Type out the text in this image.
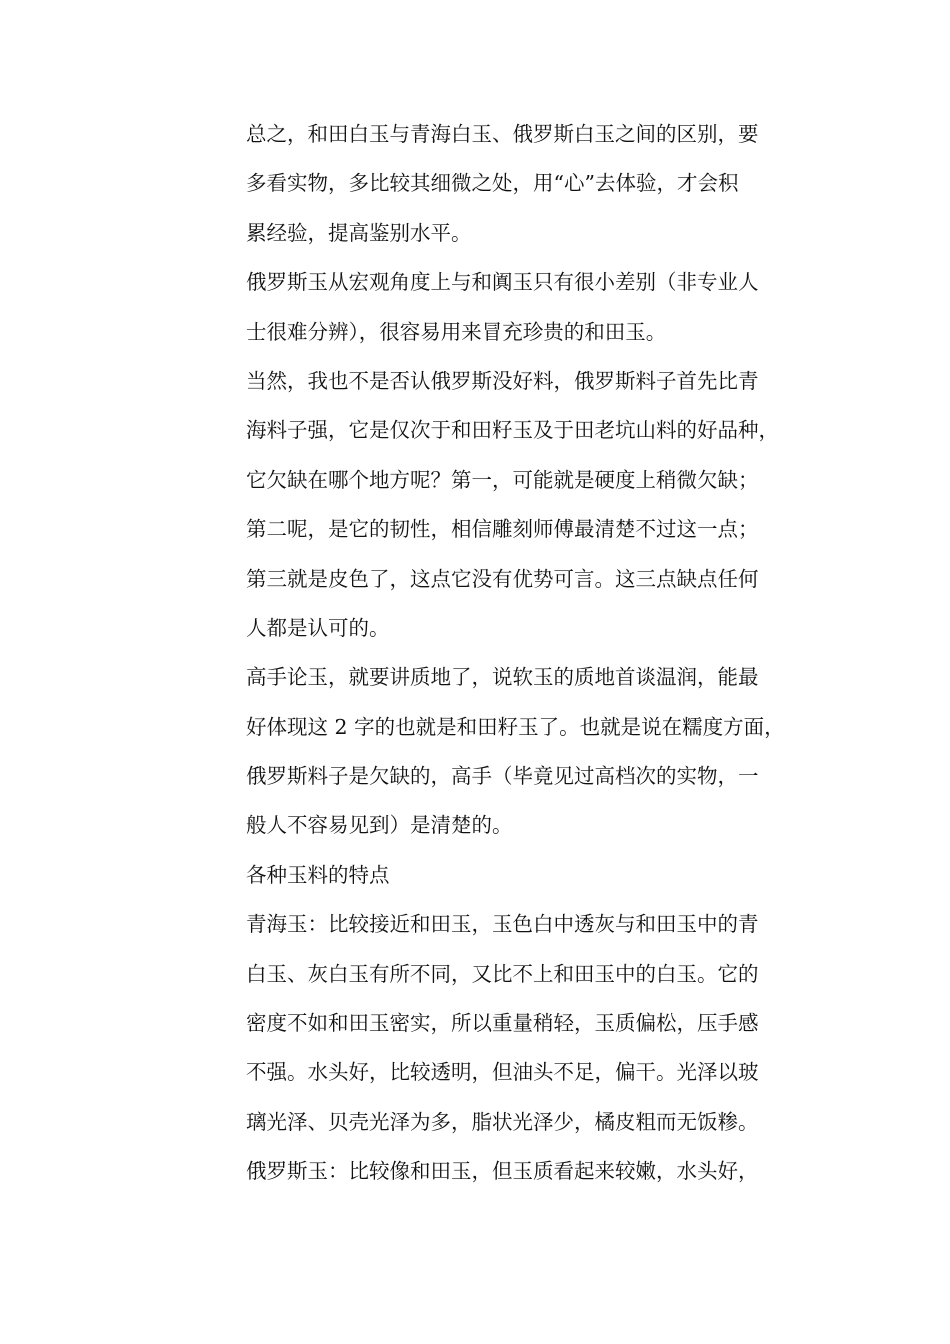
总之，和田白玉与青海白玉、俄罗斯白玉之间的区别，要
多看实物，多比较其细微之处，用“心”去体验，才会积
累经验，提高鉴别水平。

俄罗斯玉从宏观角度上与和阗玉只有很小差别（非专业人
士很难分辨），很容易用来冒充珍贵的和田玉。

当然，我也不是否认俄罗斯没好料，俄罗斯料子首先比青
海料子强，它是仅次于和田籽玉及于田老坑山料的好品种，
它欠缺在哪个地方呢？第一，可能就是硬度上稍微欠缺；
第二呢，是它的韧性，相信雕刻师傅最清楚不过这一点；
第三就是皮色了，这点它没有优势可言。这三点缺点任何
人都是认可的。

高手论玉，就要讲质地了，说软玉的质地首谈温润，能最
好体现这 2 字的也就是和田籽玉了。也就是说在糯度方面，
俄罗斯料子是欠缺的，高手（毕竟见过高档次的实物，一
般人不容易见到）是清楚的。

各种玉料的特点

青海玉：比较接近和田玉，玉色白中透灰与和田玉中的青
白玉、灰白玉有所不同，又比不上和田玉中的白玉。它的
密度不如和田玉密实，所以重量稍轻，玉质偏松，压手感
不强。水头好，比较透明，但油头不足，偏干。光泽以玻
璃光泽、贝壳光泽为多，脂状光泽少，橘皮粗而无饭糁。

俄罗斯玉：比较像和田玉，但玉质看起来较嫩，水头好，
